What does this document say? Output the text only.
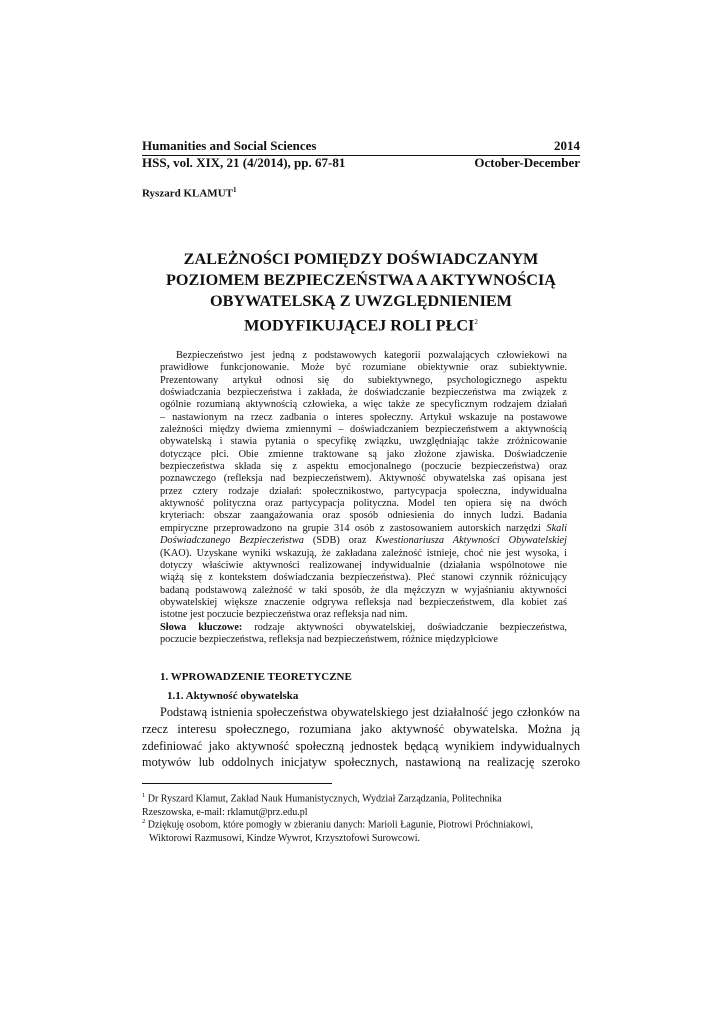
Humanities and Social Sciences	2014
HSS, vol. XIX, 21 (4/2014), pp. 67-81	October-December
Ryszard KLAMUT$^1$
ZALEŻNOŚCI POMIĘDZY DOŚWIADCZANYM
POZIOMEM BEZPIECZEŃSTWA A AKTYWNOŚCIĄ
OBYWATELSKĄ Z UWZGLĘDNIENIEM
MODYFIKUJĄCEJ ROLI PŁCI$^2$
Bezpieczeństwo jest jedną z podstawowych kategorii pozwalających człowiekowi na
prawidłowe funkcjonowanie. Może być rozumiane obiektywnie oraz subiektywnie.
Prezentowany artykuł odnosi się do subiektywnego, psychologicznego aspektu
doświadczania bezpieczeństwa i zakłada, że doświadczanie bezpieczeństwa ma związek z
ogólnie rozumianą aktywnością człowieka, a więc także ze specyficznym rodzajem działań
– nastawionym na rzecz zadbania o interes społeczny. Artykuł wskazuje na postawowe
zależności między dwiema zmiennymi – doświadczaniem bezpieczeństwem a aktywnością
obywatelską i stawia pytania o specyfikę związku, uwzględniając także zróżnicowanie
dotyczące płci. Obie zmienne traktowane są jako złożone zjawiska. Doświadczenie
bezpieczeństwa składa się z aspektu emocjonalnego (poczucie bezpieczeństwa) oraz
poznawczego (refleksja nad bezpieczeństwem). Aktywność obywatelska zaś opisana jest
przez cztery rodzaje działań: społecznikostwo, partycypacja społeczna, indywidualna
aktywność polityczna oraz partycypacja polityczna. Model ten opiera się na dwóch
kryteriach: obszar zaangażowania oraz sposób odniesienia do innych ludzi. Badania
empiryczne przeprowadzono na grupie 314 osób z zastosowaniem autorskich narzędzi Skali
Doświadczanego Bezpieczeństwa (SDB) oraz Kwestionariusza Aktywności Obywatelskiej
(KAO). Uzyskane wyniki wskazują, że zakładana zależność istnieje, choć nie jest wysoka, i
dotyczy właściwie aktywności realizowanej indywidualnie (działania wspólnotowe nie
wiążą się z kontekstem doświadczania bezpieczeństwa). Płeć stanowi czynnik różnicujący
badaną podstawową zależność w taki sposób, że dla mężczyzn w wyjaśnianiu aktywności
obywatelskiej większe znaczenie odgrywa refleksja nad bezpieczeństwem, dla kobiet zaś
istotne jest poczucie bezpieczeństwa oraz refleksja nad nim.
Słowa kluczowe: rodzaje aktywności obywatelskiej, doświadczanie bezpieczeństwa,
poczucie bezpieczeństwa, refleksja nad bezpieczeństwem, różnice międzypłciowe
1. WPROWADZENIE TEORETYCZNE
1.1. Aktywność obywatelska
Podstawą istnienia społeczeństwa obywatelskiego jest działalność jego członków na
rzecz interesu społecznego, rozumiana jako aktywność obywatelska. Można ją
zdefiniować jako aktywność społeczną jednostek będącą wynikiem indywidualnych
motywów lub oddolnych inicjatyw społecznych, nastawioną na realizację szeroko
$^1$ Dr Ryszard Klamut, Zakład Nauk Humanistycznych, Wydział Zarządzania, Politechnika
Rzeszowska, e-mail: rklamut@prz.edu.pl
$^2$ Dziękuję osobom, które pomogły w zbieraniu danych: Marioli Łagunie, Piotrowi Próchniakowi,
Wiktorowi Razmusowi, Kindze Wywrot, Krzysztofowi Surowcowi.
